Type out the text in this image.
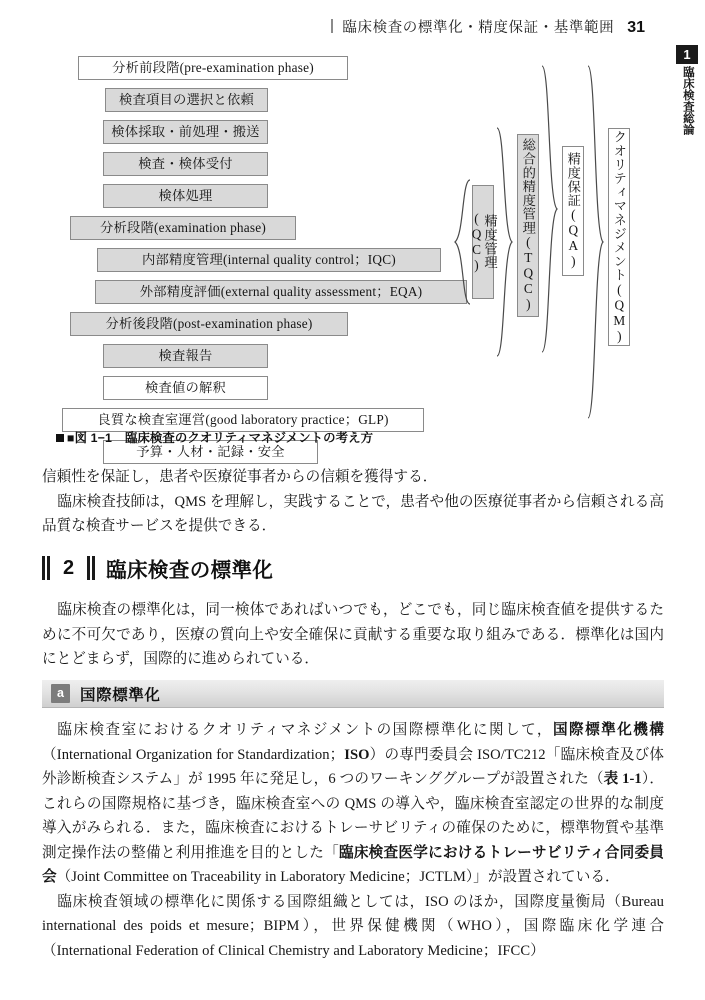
臨床検査の標準化・精度保証・基準範囲 31
1
臨床検査総論
分析前段階(pre-examination phase)
検査項目の選択と依頼
検体採取・前処理・搬送
検査・検体受付
検体処理
分析段階(examination phase)
内部精度管理(internal quality control；IQC)
外部精度評価(external quality assessment；EQA)
分析後段階(post-examination phase)
検査報告
検査値の解釈
良質な検査室運営(good laboratory practice；GLP)
予算・人材・記録・安全
精度管理(QC)	総合的精度管理(TQC) 精度保証(QA) クオリティマネジメント(QM)
■図 1−1 臨床検査のクオリティマネジメントの考え方

信頼性を保証し，患者や医療従事者からの信頼を獲得する．

臨床検査技師は，QMS を理解し，実践することで，患者や他の医療従事者から信頼される高品質な検査サービスを提供できる．

2 臨床検査の標準化

臨床検査の標準化は，同一検体であればいつでも，どこでも，同じ臨床検査値を提供するために不可欠であり，医療の質向上や安全確保に貢献する重要な取り組みである．標準化は国内にとどまらず，国際的に進められている．

a	国際標準化

臨床検査室におけるクオリティマネジメントの国際標準化に関して，国際標準化機構（International Organization for Standardization；ISO）の専門委員会 ISO/TC212「臨床検査及び体外診断検査システム」が 1995 年に発足し，6 つのワーキンググループが設置された（表 1-1）．これらの国際規格に基づき，臨床検査室への QMS の導入や，臨床検査室認定の世界的な制度導入がみられる．また，臨床検査におけるトレーサビリティの確保のために，標準物質や基準測定操作法の整備と利用推進を目的とした「臨床検査医学におけるトレーサビリティ合同委員会（Joint Committee on Traceability in Laboratory Medicine；JCTLM）」が設置されている．

臨床検査領域の標準化に関係する国際組織としては，ISO のほか，国際度量衡局（Bureau international des poids et mesure；BIPM），世界保健機関（WHO），国際臨床化学連合（International Federation of Clinical Chemistry and Laboratory Medicine；IFCC）
